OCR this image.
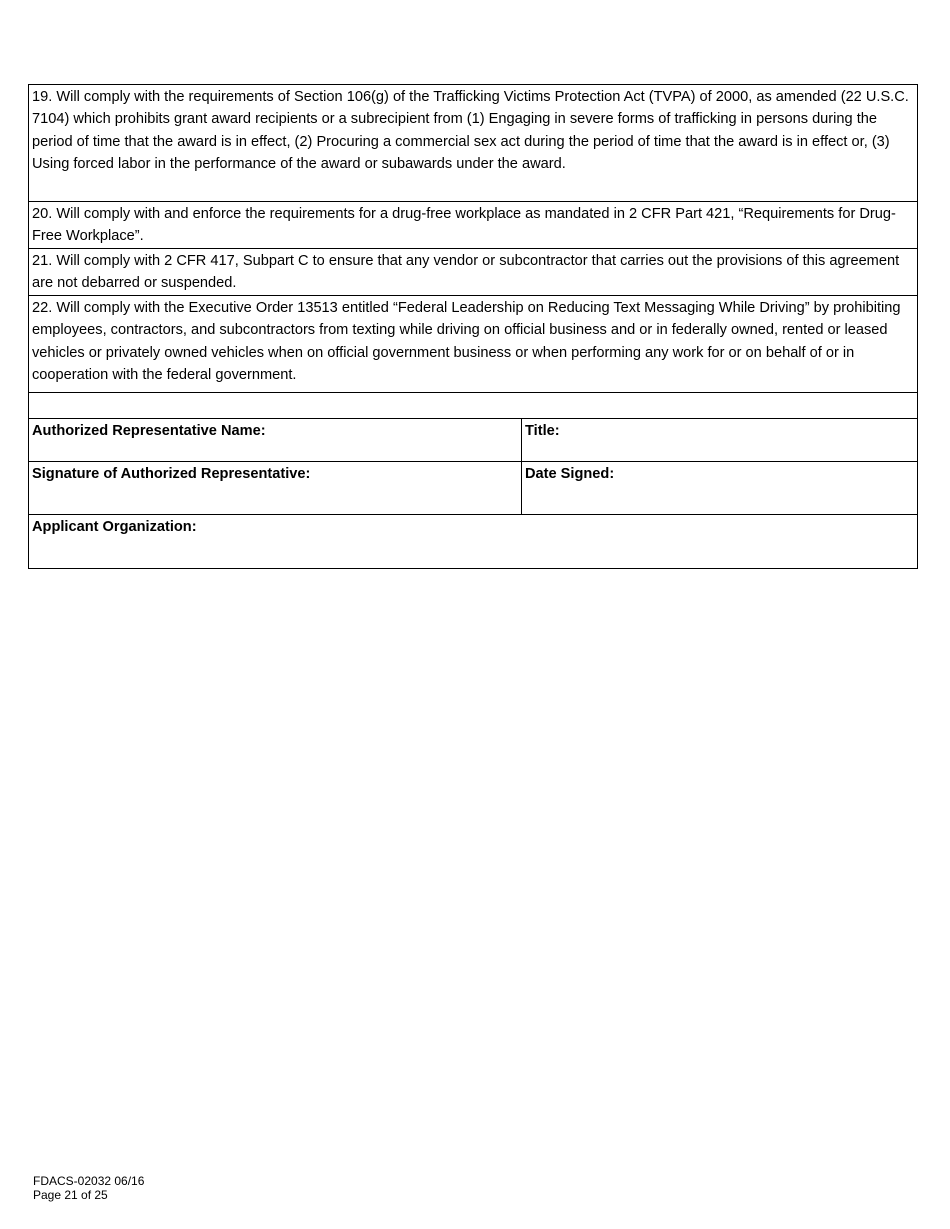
19. Will comply with the requirements of Section 106(g) of the Trafficking Victims Protection Act (TVPA) of 2000, as amended (22 U.S.C. 7104) which prohibits grant award recipients or a subrecipient from (1) Engaging in severe forms of trafficking in persons during the period of time that the award is in effect, (2) Procuring a commercial sex act during the period of time that the award is in effect or, (3) Using forced labor in the performance of the award or subawards under the award.
20. Will comply with and enforce the requirements for a drug-free workplace as mandated in 2 CFR Part 421, “Requirements for Drug-Free Workplace”.
21. Will comply with 2 CFR 417, Subpart C to ensure that any vendor or subcontractor that carries out the provisions of this agreement are not debarred or suspended.
22. Will comply with the Executive Order 13513 entitled “Federal Leadership on Reducing Text Messaging While Driving” by prohibiting employees, contractors, and subcontractors from texting while driving on official business and or in federally owned, rented or leased vehicles or privately owned vehicles when on official government business or when performing any work for or on behalf of or in cooperation with the federal government.
Authorized Representative Name:	Title:
Signature of Authorized Representative:	Date Signed:
Applicant Organization:
FDACS-02032 06/16
Page 21 of 25
